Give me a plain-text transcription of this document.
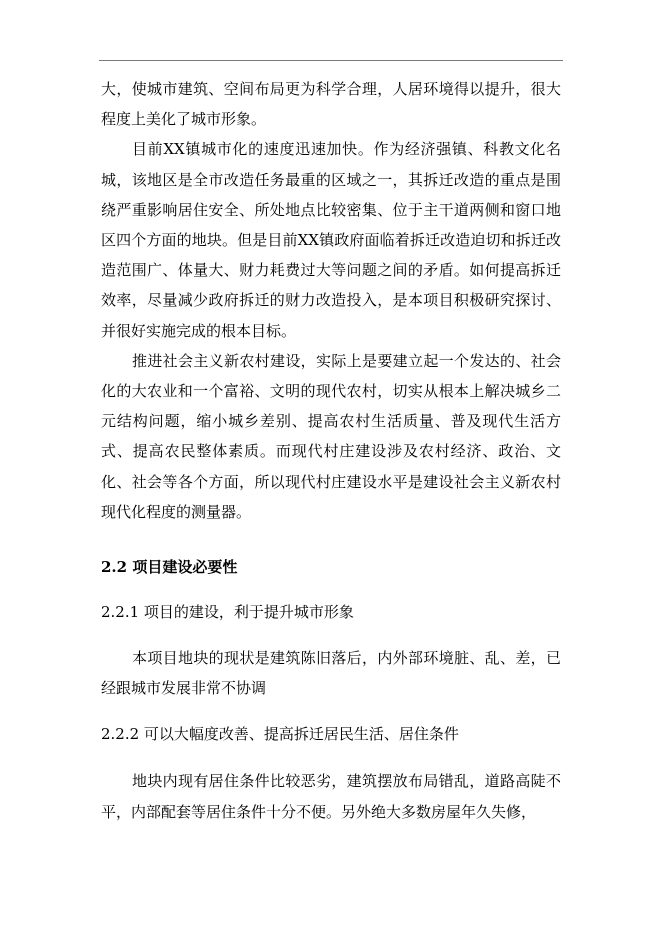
大，使城市建筑、空间布局更为科学合理，人居环境得以提升，很大程度上美化了城市形象。

目前XX镇城市化的速度迅速加快。作为经济强镇、科教文化名城，该地区是全市改造任务最重的区域之一，其拆迁改造的重点是围绕严重影响居住安全、所处地点比较密集、位于主干道两侧和窗口地区四个方面的地块。但是目前XX镇政府面临着拆迁改造迫切和拆迁改造范围广、体量大、财力耗费过大等问题之间的矛盾。如何提高拆迁效率，尽量减少政府拆迁的财力改造投入，是本项目积极研究探讨、并很好实施完成的根本目标。

推进社会主义新农村建设，实际上是要建立起一个发达的、社会化的大农业和一个富裕、文明的现代农村，切实从根本上解决城乡二元结构问题，缩小城乡差别、提高农村生活质量、普及现代生活方式、提高农民整体素质。而现代村庄建设涉及农村经济、政治、文化、社会等各个方面，所以现代村庄建设水平是建设社会主义新农村现代化程度的测量器。

2.2 项目建设必要性

2.2.1 项目的建设，利于提升城市形象

本项目地块的现状是建筑陈旧落后，内外部环境脏、乱、差，已经跟城市发展非常不协调

2.2.2 可以大幅度改善、提高拆迁居民生活、居住条件

地块内现有居住条件比较恶劣，建筑摆放布局错乱，道路高陡不平，内部配套等居住条件十分不便。另外绝大多数房屋年久失修，
